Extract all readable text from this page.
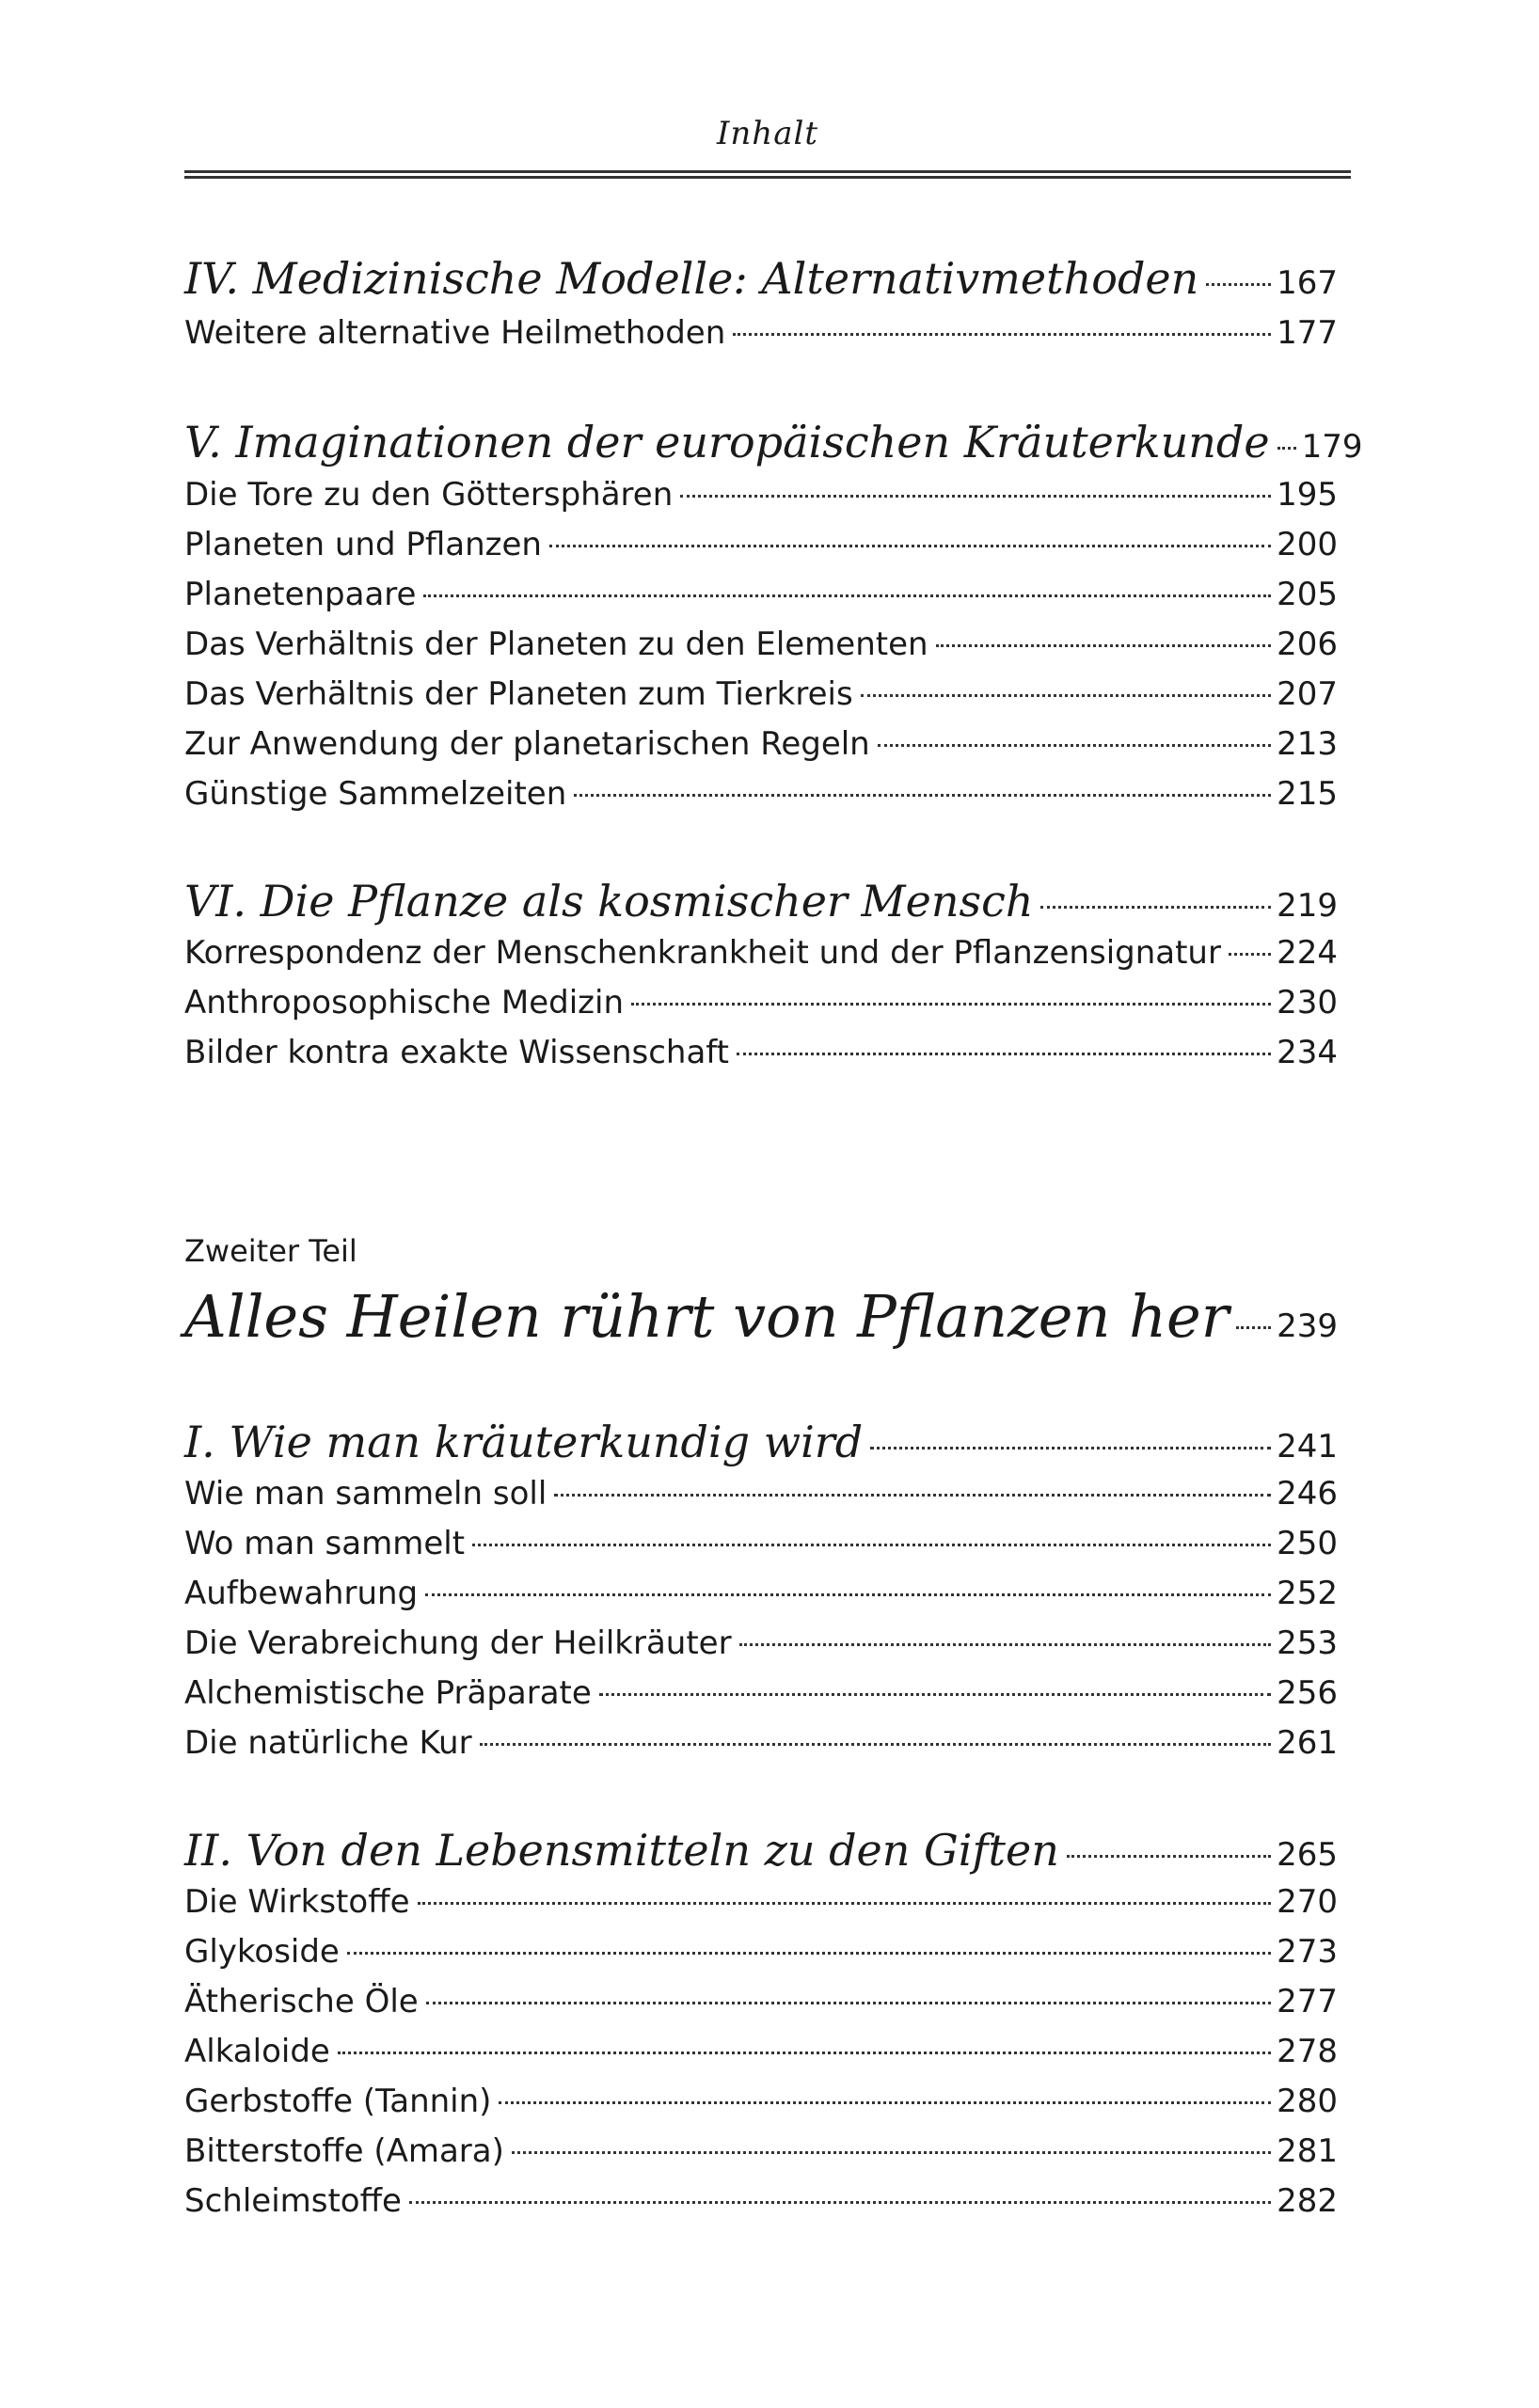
Inhalt
IV. Medizinische Modelle: Alternativmethoden 167
Weitere alternative Heilmethoden	177
V. Imaginationen der europäischen Kräuterkunde 179
Die Tore zu den Göttersphären	195
Planeten und Pflanzen	200
Planetenpaare	205
Das Verhältnis der Planeten zu den Elementen	206
Das Verhältnis der Planeten zum Tierkreis	207
Zur Anwendung der planetarischen Regeln	213
Günstige Sammelzeiten	215
VI. Die Pflanze als kosmischer Mensch	219
Korrespondenz der Menschenkrankheit und der Pflanzensignatur 224
Anthroposophische Medizin	230
Bilder kontra exakte Wissenschaft	234
Zweiter Teil
Alles Heilen rührt von Pflanzen her 239
I. Wie man kräuterkundig wird	241
Wie man sammeln soll	246
Wo man sammelt	250
Aufbewahrung	252
Die Verabreichung der Heilkräuter	253
Alchemistische Präparate	256
Die natürliche Kur	261
II. Von den Lebensmitteln zu den Giften	265
Die Wirkstoffe	270
Glykoside	273
Ätherische Öle	277
Alkaloide	278
Gerbstoffe (Tannin)	280
Bitterstoffe (Amara)	281
Schleimstoffe	282
